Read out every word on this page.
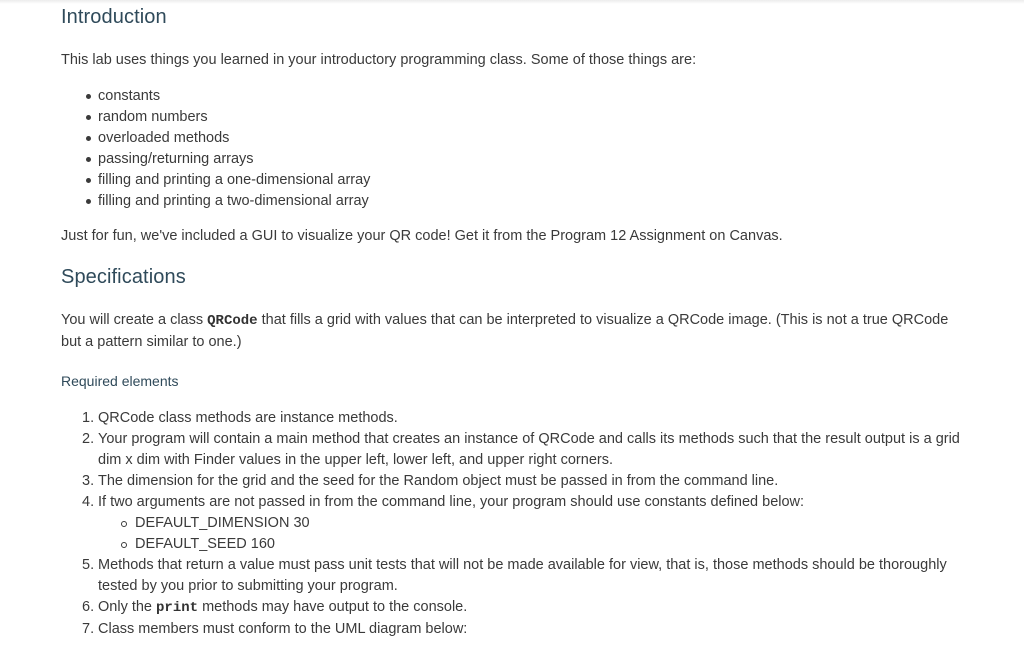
Introduction

This lab uses things you learned in your introductory programming class. Some of those things are:

constants
random numbers
overloaded methods
passing/returning arrays
filling and printing a one-dimensional array
filling and printing a two-dimensional array

Just for fun, we've included a GUI to visualize your QR code! Get it from the Program 12 Assignment on Canvas.

Specifications

You will create a class QRCode that fills a grid with values that can be interpreted to visualize a QRCode image. (This is not a true QRCode but a pattern similar to one.)

Required elements
1. QRCode class methods are instance methods.
2. Your program will contain a main method that creates an instance of QRCode and calls its methods such that the result output is a grid dim x dim with Finder values in the upper left, lower left, and upper right corners.
3. The dimension for the grid and the seed for the Random object must be passed in from the command line.
4. If two arguments are not passed in from the command line, your program should use constants defined below:
DEFAULT_DIMENSION 30
DEFAULT_SEED 160
5. Methods that return a value must pass unit tests that will not be made available for view, that is, those methods should be thoroughly tested by you prior to submitting your program.
6. Only the print methods may have output to the console.
7. Class members must conform to the UML diagram below:
